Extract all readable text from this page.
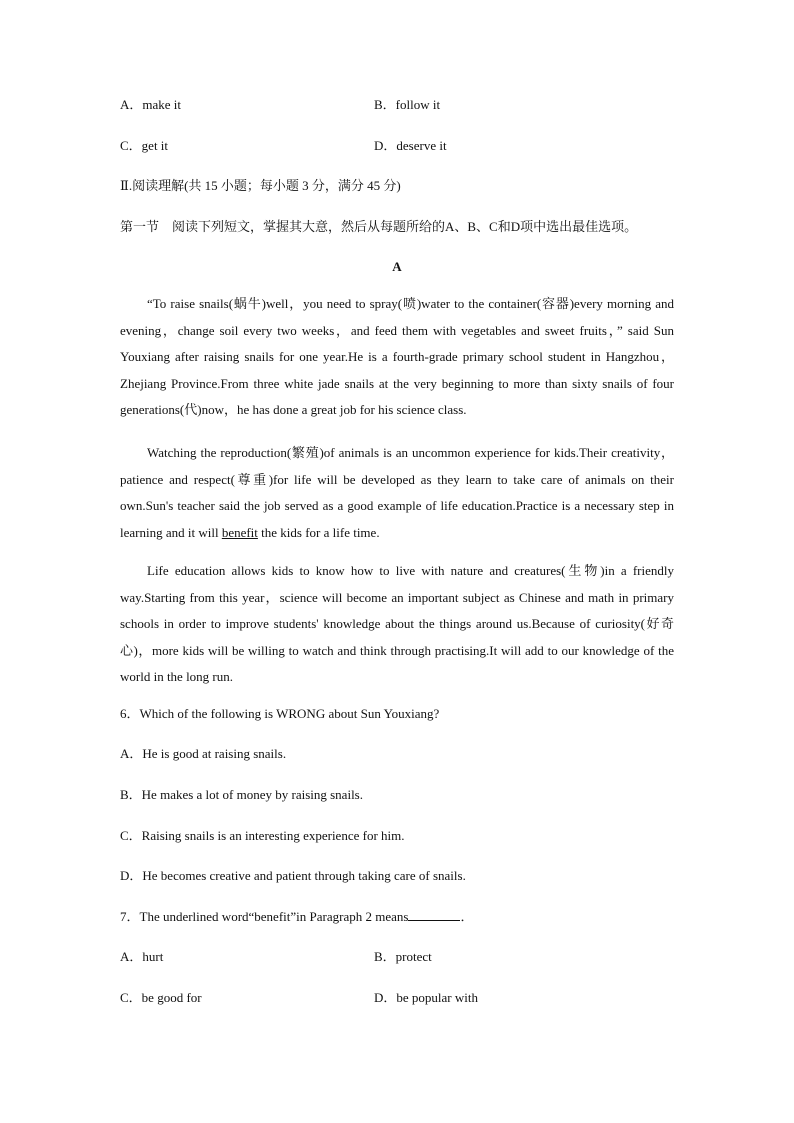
A．make it	B．follow it
C．get it	D．deserve it
Ⅱ.阅读理解(共 15 小题；每小题 3 分，满分 45 分)
第一节　阅读下列短文，掌握其大意，然后从每题所给的A、B、C和D项中选出最佳选项。
A
“To raise snails(蜗牛)well，you need to spray(喷)water to the container(容器)every morning and evening，change soil every two weeks，and feed them with vegetables and sweet fruits，” said Sun Youxiang after raising snails for one year.He is a fourth-grade primary school student in Hangzhou，Zhejiang Province.From three white jade snails at the very beginning to more than sixty snails of four generations(代)now，he has done a great job for his science class.
Watching the reproduction(繁殖)of animals is an uncommon experience for kids.Their creativity，patience and respect(尊重)for life will be developed as they learn to take care of animals on their own.Sun's teacher said the job served as a good example of life education.Practice is a necessary step in learning and it will benefit the kids for a life time.
Life education allows kids to know how to live with nature and creatures(生物)in a friendly way.Starting from this year，science will become an important subject as Chinese and math in primary schools in order to improve students' knowledge about the things around us.Because of curiosity(好奇心)，more kids will be willing to watch and think through practising.It will add to our knowledge of the world in the long run.
6．Which of the following is WRONG about Sun Youxiang?
A．He is good at raising snails.
B．He makes a lot of money by raising snails.
C．Raising snails is an interesting experience for him.
D．He becomes creative and patient through taking care of snails.
7．The underlined word“benefit”in Paragraph 2 means	．
A．hurt	B．protect
C．be good for	D．be popular with
